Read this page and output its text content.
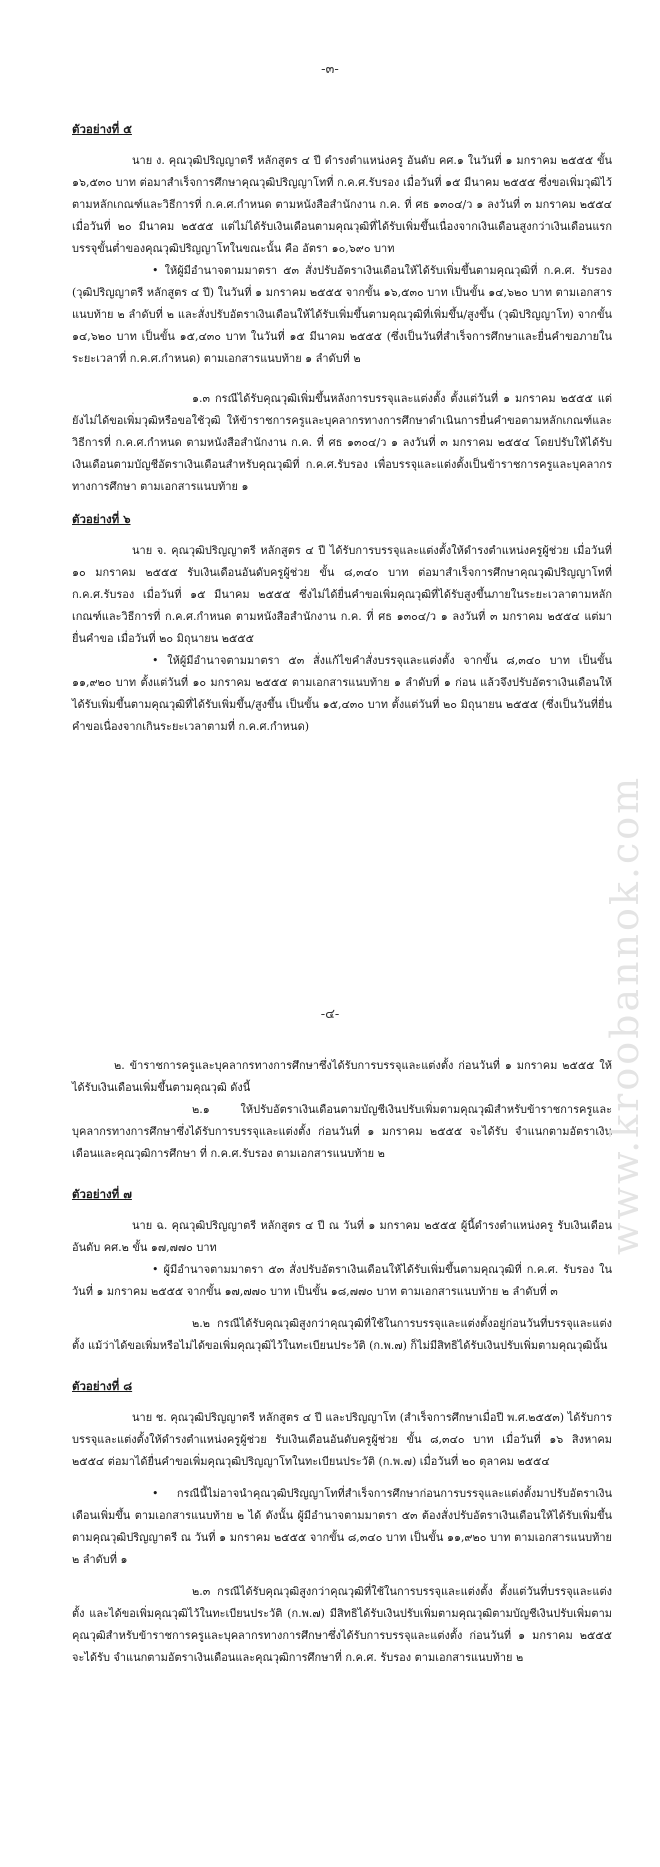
-๓-

ตัวอย่างที่ ๕

นาย ง. คุณวุฒิปริญญาตรี หลักสูตร ๔ ปี ดำรงตำแหน่งครู อันดับ คศ.๑ ในวันที่ ๑ มกราคม ๒๕๕๕ ขั้น ๑๖,๕๓๐ บาท ต่อมาสำเร็จการศึกษาคุณวุฒิปริญญาโทที่ ก.ค.ศ.รับรอง เมื่อวันที่ ๑๕ มีนาคม ๒๕๕๕ ซึ่งขอเพิ่มวุฒิไว้ ตามหลักเกณฑ์และวิธีการที่ ก.ค.ศ.กำหนด ตามหนังสือสำนักงาน ก.ค. ที่ ศธ ๑๓๐๔/ว ๑ ลงวันที่ ๓ มกราคม ๒๕๕๔ เมื่อวันที่ ๒๐ มีนาคม ๒๕๕๕ แต่ไม่ได้รับเงินเดือนตามคุณวุฒิที่ได้รับเพิ่มขึ้นเนื่องจากเงินเดือนสูงกว่าเงินเดือนแรกบรรจุขั้นต่ำของคุณวุฒิปริญญาโทในขณะนั้น คือ อัตรา ๑๐,๖๙๐ บาท

• ให้ผู้มีอำนาจตามมาตรา ๕๓ สั่งปรับอัตราเงินเดือนให้ได้รับเพิ่มขึ้นตามคุณวุฒิที่ ก.ค.ศ. รับรอง (วุฒิปริญญาตรี หลักสูตร ๔ ปี) ในวันที่ ๑ มกราคม ๒๕๕๕ จากขั้น ๑๖,๕๓๐ บาท เป็นขั้น ๑๔,๖๒๐ บาท ตามเอกสารแนบท้าย ๒ ลำดับที่ ๒ และสั่งปรับอัตราเงินเดือนให้ได้รับเพิ่มขึ้นตามคุณวุฒิที่เพิ่มขึ้น/สูงขึ้น (วุฒิปริญญาโท) จากขั้น ๑๔,๖๒๐ บาท เป็นขั้น ๑๕,๔๓๐ บาท ในวันที่ ๑๕ มีนาคม ๒๕๕๕ (ซึ่งเป็นวันที่สำเร็จการศึกษาและยื่นคำขอภายในระยะเวลาที่ ก.ค.ศ.กำหนด) ตามเอกสารแนบท้าย ๑ ลำดับที่ ๒

๑.๓ กรณีได้รับคุณวุฒิเพิ่มขึ้นหลังการบรรจุและแต่งตั้ง ตั้งแต่วันที่ ๑ มกราคม ๒๕๕๕ แต่ยังไม่ได้ขอเพิ่มวุฒิหรือขอใช้วุฒิ ให้ข้าราชการครูและบุคลากรทางการศึกษาดำเนินการยื่นคำขอตามหลักเกณฑ์และวิธีการที่ ก.ค.ศ.กำหนด ตามหนังสือสำนักงาน ก.ค. ที่ ศธ ๑๓๐๔/ว ๑ ลงวันที่ ๓ มกราคม ๒๕๕๔ โดยปรับให้ได้รับเงินเดือนตามบัญชีอัตราเงินเดือนสำหรับคุณวุฒิที่ ก.ค.ศ.รับรอง เพื่อบรรจุและแต่งตั้งเป็นข้าราชการครูและบุคลากรทางการศึกษา ตามเอกสารแนบท้าย ๑

ตัวอย่างที่ ๖

นาย จ. คุณวุฒิปริญญาตรี หลักสูตร ๔ ปี ได้รับการบรรจุและแต่งตั้งให้ดำรงตำแหน่งครูผู้ช่วย เมื่อวันที่ ๑๐ มกราคม ๒๕๕๕ รับเงินเดือนอันดับครูผู้ช่วย ขั้น ๘,๓๔๐ บาท ต่อมาสำเร็จการศึกษาคุณวุฒิปริญญาโทที่ ก.ค.ศ.รับรอง เมื่อวันที่ ๑๕ มีนาคม ๒๕๕๕ ซึ่งไม่ได้ยื่นคำขอเพิ่มคุณวุฒิที่ได้รับสูงขึ้นภายในระยะเวลาตามหลักเกณฑ์และวิธีการที่ ก.ค.ศ.กำหนด ตามหนังสือสำนักงาน ก.ค. ที่ ศธ ๑๓๐๔/ว ๑ ลงวันที่ ๓ มกราคม ๒๕๕๔ แต่มายื่นคำขอ เมื่อวันที่ ๒๐ มิถุนายน ๒๕๕๕

• ให้ผู้มีอำนาจตามมาตรา ๕๓ สั่งแก้ไขคำสั่งบรรจุและแต่งตั้ง จากขั้น ๘,๓๔๐ บาท เป็นขั้น ๑๑,๙๒๐ บาท ตั้งแต่วันที่ ๑๐ มกราคม ๒๕๕๕ ตามเอกสารแนบท้าย ๑ ลำดับที่ ๑ ก่อน แล้วจึงปรับอัตราเงินเดือนให้ได้รับเพิ่มขึ้นตามคุณวุฒิที่ได้รับเพิ่มขึ้น/สูงขึ้น เป็นขั้น ๑๕,๔๓๐ บาท ตั้งแต่วันที่ ๒๐ มิถุนายน ๒๕๕๕ (ซึ่งเป็นวันที่ยื่นคำขอเนื่องจากเกินระยะเวลาตามที่ ก.ค.ศ.กำหนด)

-๔-

๒. ข้าราชการครูและบุคลากรทางการศึกษาซึ่งได้รับการบรรจุและแต่งตั้ง ก่อนวันที่ ๑ มกราคม ๒๕๕๕ ให้ได้รับเงินเดือนเพิ่มขึ้นตามคุณวุฒิ ดังนี้

๒.๑ ให้ปรับอัตราเงินเดือนตามบัญชีเงินปรับเพิ่มตามคุณวุฒิสำหรับข้าราชการครูและบุคลากรทางการศึกษาซึ่งได้รับการบรรจุและแต่งตั้ง ก่อนวันที่ ๑ มกราคม ๒๕๕๕ จะได้รับ จำแนกตามอัตราเงินเดือนและคุณวุฒิการศึกษา ที่ ก.ค.ศ.รับรอง ตามเอกสารแนบท้าย ๒

ตัวอย่างที่ ๗

นาย ฉ. คุณวุฒิปริญญาตรี หลักสูตร ๔ ปี ณ วันที่ ๑ มกราคม ๒๕๕๕ ผู้นี้ดำรงตำแหน่งครู รับเงินเดือนอันดับ คศ.๒ ขั้น ๑๗,๗๗๐ บาท

• ผู้มีอำนาจตามมาตรา ๕๓ สั่งปรับอัตราเงินเดือนให้ได้รับเพิ่มขึ้นตามคุณวุฒิที่ ก.ค.ศ. รับรอง ในวันที่ ๑ มกราคม ๒๕๕๕ จากขั้น ๑๗,๗๗๐ บาท เป็นขั้น ๑๘,๗๗๐ บาท ตามเอกสารแนบท้าย ๒ ลำดับที่ ๓

๒.๒ กรณีได้รับคุณวุฒิสูงกว่าคุณวุฒิที่ใช้ในการบรรจุและแต่งตั้งอยู่ก่อนวันที่บรรจุและแต่งตั้ง แม้ว่าได้ขอเพิ่มหรือไม่ได้ขอเพิ่มคุณวุฒิไว้ในทะเบียนประวัติ (ก.พ.๗) ก็ไม่มีสิทธิได้รับเงินปรับเพิ่มตามคุณวุฒินั้น

ตัวอย่างที่ ๘

นาย ช. คุณวุฒิปริญญาตรี หลักสูตร ๔ ปี และปริญญาโท (สำเร็จการศึกษาเมื่อปี พ.ศ.๒๕๕๓) ได้รับการบรรจุและแต่งตั้งให้ดำรงตำแหน่งครูผู้ช่วย รับเงินเดือนอันดับครูผู้ช่วย ขั้น ๘,๓๔๐ บาท เมื่อวันที่ ๑๖ สิงหาคม ๒๕๕๔ ต่อมาได้ยื่นคำขอเพิ่มคุณวุฒิปริญญาโทในทะเบียนประวัติ (ก.พ.๗) เมื่อวันที่ ๒๐ ตุลาคม ๒๕๕๔

• กรณีนี้ไม่อาจนำคุณวุฒิปริญญาโทที่สำเร็จการศึกษาก่อนการบรรจุและแต่งตั้งมาปรับอัตราเงินเดือนเพิ่มขึ้น ตามเอกสารแนบท้าย ๒ ได้ ดังนั้น ผู้มีอำนาจตามมาตรา ๕๓ ต้องสั่งปรับอัตราเงินเดือนให้ได้รับเพิ่มขึ้นตามคุณวุฒิปริญญาตรี ณ วันที่ ๑ มกราคม ๒๕๕๕ จากขั้น ๘,๓๔๐ บาท เป็นขั้น ๑๑,๙๒๐ บาท ตามเอกสารแนบท้าย ๒ ลำดับที่ ๑

๒.๓ กรณีได้รับคุณวุฒิสูงกว่าคุณวุฒิที่ใช้ในการบรรจุและแต่งตั้ง ตั้งแต่วันที่บรรจุและแต่งตั้ง และได้ขอเพิ่มคุณวุฒิไว้ในทะเบียนประวัติ (ก.พ.๗) มีสิทธิได้รับเงินปรับเพิ่มตามคุณวุฒิตามบัญชีเงินปรับเพิ่มตามคุณวุฒิสำหรับข้าราชการครูและบุคลากรทางการศึกษาซึ่งได้รับการบรรจุและแต่งตั้ง ก่อนวันที่ ๑ มกราคม ๒๕๕๕ จะได้รับ จำแนกตามอัตราเงินเดือนและคุณวุฒิการศึกษาที่ ก.ค.ศ. รับรอง ตามเอกสารแนบท้าย ๒

www.kroobannok.com
